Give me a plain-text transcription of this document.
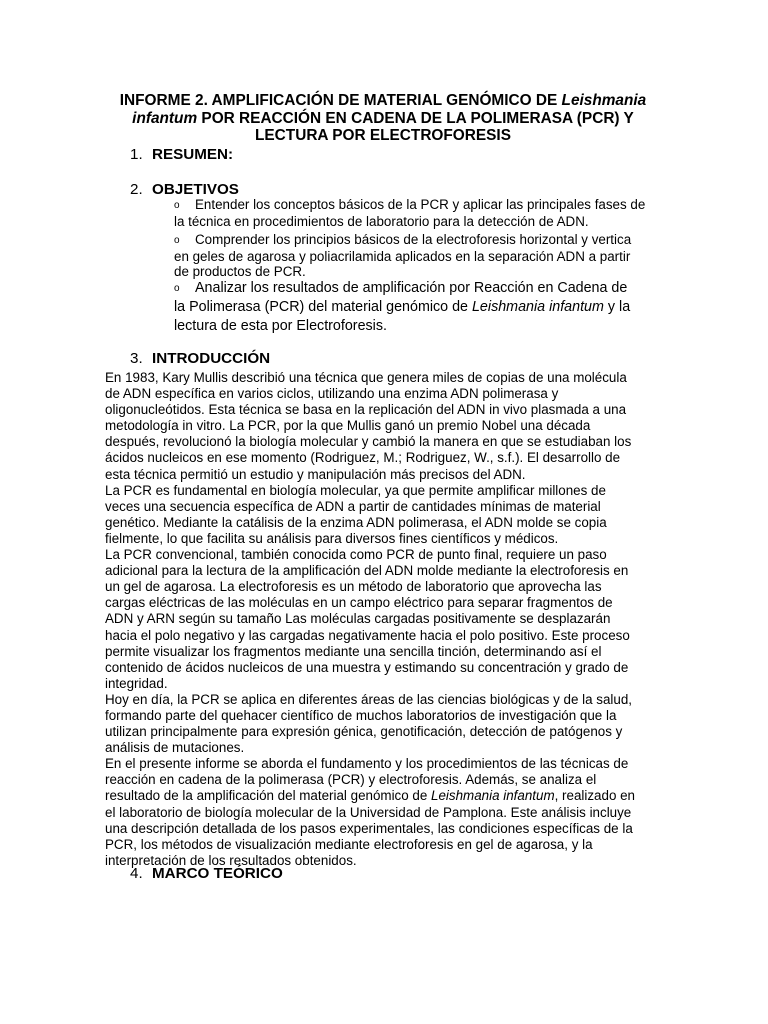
INFORME 2. AMPLIFICACIÓN DE MATERIAL GENÓMICO DE Leishmania
infantum POR REACCIÓN EN CADENA DE LA POLIMERASA (PCR) Y
LECTURA POR ELECTROFORESIS
1. RESUMEN:
2. OBJETIVOS
o Entender los conceptos básicos de la PCR y aplicar las principales fases de
la técnica en procedimientos de laboratorio para la detección de ADN.
o Comprender los principios básicos de la electroforesis horizontal y vertica
en geles de agarosa y poliacrilamida aplicados en la separación ADN a partir
de productos de PCR.
o Analizar los resultados de amplificación por Reacción en Cadena de
la Polimerasa (PCR) del material genómico de Leishmania infantum y la
lectura de esta por Electroforesis.
3. INTRODUCCIÓN
En 1983, Kary Mullis describió una técnica que genera miles de copias de una molécula
de ADN específica en varios ciclos, utilizando una enzima ADN polimerasa y
oligonucleótidos. Esta técnica se basa en la replicación del ADN in vivo plasmada a una
metodología in vitro. La PCR, por la que Mullis ganó un premio Nobel una década
después, revolucionó la biología molecular y cambió la manera en que se estudiaban los
ácidos nucleicos en ese momento (Rodriguez, M.; Rodriguez, W., s.f.). El desarrollo de
esta técnica permitió un estudio y manipulación más precisos del ADN.
La PCR es fundamental en biología molecular, ya que permite amplificar millones de
veces una secuencia específica de ADN a partir de cantidades mínimas de material
genético. Mediante la catálisis de la enzima ADN polimerasa, el ADN molde se copia
fielmente, lo que facilita su análisis para diversos fines científicos y médicos.
La PCR convencional, también conocida como PCR de punto final, requiere un paso
adicional para la lectura de la amplificación del ADN molde mediante la electroforesis en
un gel de agarosa. La electroforesis es un método de laboratorio que aprovecha las
cargas eléctricas de las moléculas en un campo eléctrico para separar fragmentos de
ADN y ARN según su tamaño Las moléculas cargadas positivamente se desplazarán
hacia el polo negativo y las cargadas negativamente hacia el polo positivo. Este proceso
permite visualizar los fragmentos mediante una sencilla tinción, determinando así el
contenido de ácidos nucleicos de una muestra y estimando su concentración y grado de
integridad.
Hoy en día, la PCR se aplica en diferentes áreas de las ciencias biológicas y de la salud,
formando parte del quehacer científico de muchos laboratorios de investigación que la
utilizan principalmente para expresión génica, genotificación, detección de patógenos y
análisis de mutaciones.
En el presente informe se aborda el fundamento y los procedimientos de las técnicas de
reacción en cadena de la polimerasa (PCR) y electroforesis. Además, se analiza el
resultado de la amplificación del material genómico de Leishmania infantum, realizado en
el laboratorio de biología molecular de la Universidad de Pamplona. Este análisis incluye
una descripción detallada de los pasos experimentales, las condiciones específicas de la
PCR, los métodos de visualización mediante electroforesis en gel de agarosa, y la
interpretación de los resultados obtenidos.
4. MARCO TEÓRICO
